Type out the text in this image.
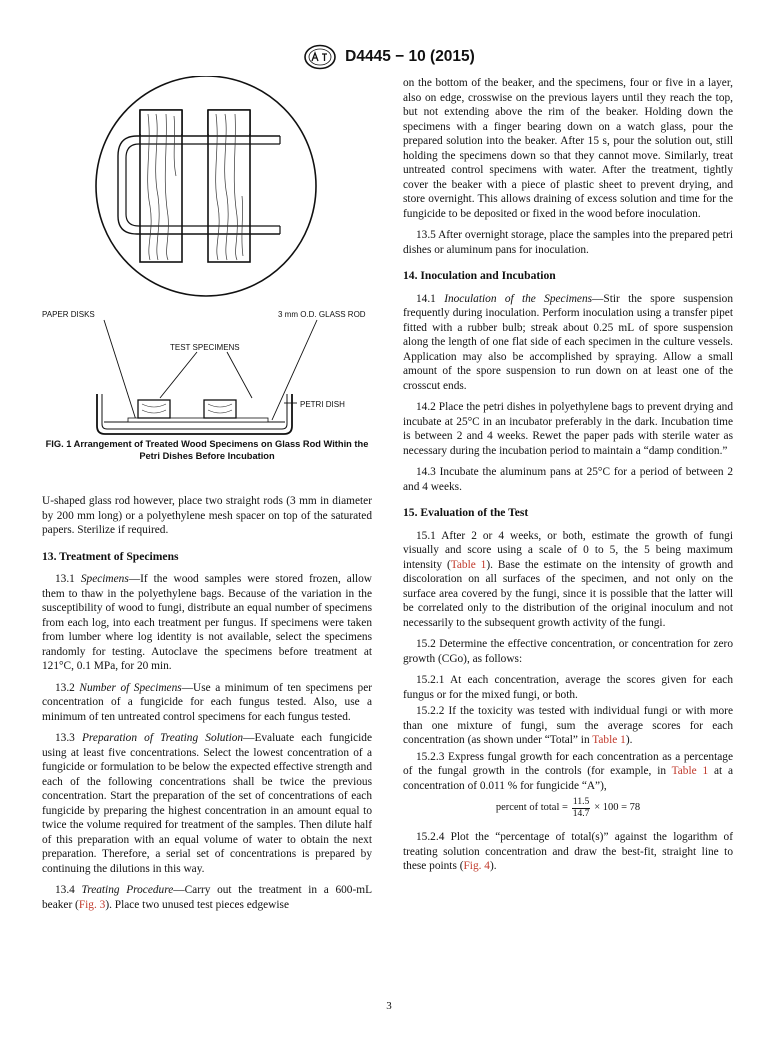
D4445 − 10 (2015)
PAPER DISKS	3 mm O.D. GLASS ROD
TEST SPECIMENS
PETRI DISH
FIG. 1 Arrangement of Treated Wood Specimens on Glass Rod Within the Petri Dishes Before Incubation

U-shaped glass rod however, place two straight rods (3 mm in diameter by 200 mm long) or a polyethylene mesh spacer on top of the saturated papers. Sterilize if required.

13. Treatment of Specimens

13.1 Specimens—If the wood samples were stored frozen, allow them to thaw in the polyethylene bags. Because of the variation in the susceptibility of wood to fungi, distribute an equal number of specimens from each log, into each treatment per fungus. If specimens were taken from lumber where log identity is not available, select the specimens randomly for testing. Autoclave the specimens before treatment at 121°C, 0.1 MPa, for 20 min.

13.2 Number of Specimens—Use a minimum of ten specimens per concentration of a fungicide for each fungus tested. Also, use a minimum of ten untreated control specimens for each fungus tested.

13.3 Preparation of Treating Solution—Evaluate each fungicide using at least five concentrations. Select the lowest concentration of a fungicide or formulation to be below the expected effective strength and each of the following concentrations shall be twice the previous concentration. Start the preparation of the set of concentrations of each fungicide by preparing the highest concentration in an amount equal to twice the volume required for treatment of the samples. Then dilute half of this preparation with an equal volume of water to obtain the next preparation. Therefore, a serial set of concentrations is prepared by continuing the dilutions in this way.

13.4 Treating Procedure—Carry out the treatment in a 600-mL beaker (Fig. 3). Place two unused test pieces edgewise

on the bottom of the beaker, and the specimens, four or five in a layer, also on edge, crosswise on the previous layers until they reach the top, but not extending above the rim of the beaker. Holding down the specimens with a finger bearing down on a watch glass, pour the prepared solution into the beaker. After 15 s, pour the solution out, still holding the specimens down so that they cannot move. Similarly, treat untreated control specimens with water. After the treatment, tightly cover the beaker with a piece of plastic sheet to prevent drying, and store overnight. This allows draining of excess solution and time for the fungicide to be deposited or fixed in the wood before inoculation.

13.5 After overnight storage, place the samples into the prepared petri dishes or aluminum pans for inoculation.

14. Inoculation and Incubation

14.1 Inoculation of the Specimens—Stir the spore suspension frequently during inoculation. Perform inoculation using a transfer pipet fitted with a rubber bulb; streak about 0.25 mL of spore suspension along the length of one flat side of each specimen in the culture vessels. Application may also be accomplished by spraying. Allow a small amount of the spore suspension to run down on at least one of the crosscut ends.

14.2 Place the petri dishes in polyethylene bags to prevent drying and incubate at 25°C in an incubator preferably in the dark. Incubation time is between 2 and 4 weeks. Rewet the paper pads with sterile water as necessary during the incubation period to maintain a “damp condition.”

14.3 Incubate the aluminum pans at 25°C for a period of between 2 and 4 weeks.

15. Evaluation of the Test

15.1 After 2 or 4 weeks, or both, estimate the growth of fungi visually and score using a scale of 0 to 5, the 5 being maximum intensity (Table 1). Base the estimate on the intensity of growth and discoloration on all surfaces of the specimen, and not only on the surface area covered by the fungi, since it is possible that the latter will be correlated only to the distribution of the original inoculum and not necessarily to the subsequent growth activity of the fungi.

15.2 Determine the effective concentration, or concentration for zero growth (CGo), as follows:

15.2.1 At each concentration, average the scores given for each fungus or for the mixed fungi, or both.

15.2.2 If the toxicity was tested with individual fungi or with more than one mixture of fungi, sum the average scores for each concentration (as shown under “Total” in Table 1).

15.2.3 Express fungal growth for each concentration as a percentage of the fungal growth in the controls (for example, in Table 1 at a concentration of 0.011 % for fungicide “A”),

percent of total = $\frac{11.5}{14.7} \times 100 = 78$

15.2.4 Plot the “percentage of total(s)” against the logarithm of treating solution concentration and draw the best-fit, straight line to these points (Fig. 4).

3
